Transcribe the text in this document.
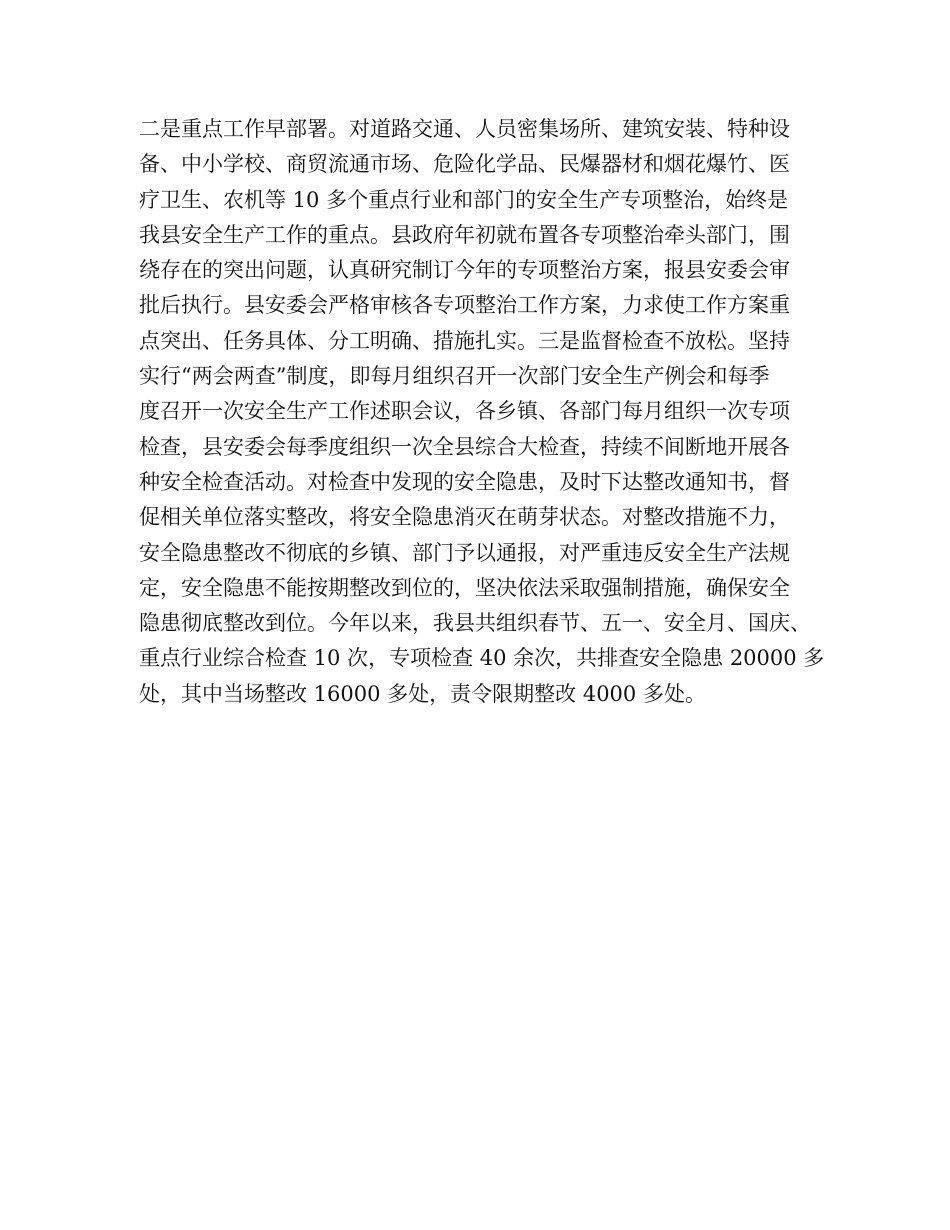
二是重点工作早部署。对道路交通、人员密集场所、建筑安装、特种设
备、中小学校、商贸流通市场、危险化学品、民爆器材和烟花爆竹、医
疗卫生、农机等 10 多个重点行业和部门的安全生产专项整治，始终是
我县安全生产工作的重点。县政府年初就布置各专项整治牵头部门，围
绕存在的突出问题，认真研究制订今年的专项整治方案，报县安委会审
批后执行。县安委会严格审核各专项整治工作方案，力求使工作方案重
点突出、任务具体、分工明确、措施扎实。三是监督检查不放松。坚持
实行“两会两查”制度，即每月组织召开一次部门安全生产例会和每季
度召开一次安全生产工作述职会议，各乡镇、各部门每月组织一次专项
检查，县安委会每季度组织一次全县综合大检查，持续不间断地开展各
种安全检查活动。对检查中发现的安全隐患，及时下达整改通知书，督
促相关单位落实整改，将安全隐患消灭在萌芽状态。对整改措施不力，
安全隐患整改不彻底的乡镇、部门予以通报，对严重违反安全生产法规
定，安全隐患不能按期整改到位的，坚决依法采取强制措施，确保安全
隐患彻底整改到位。今年以来，我县共组织春节、五一、安全月、国庆、
重点行业综合检查 10 次，专项检查 40 余次，共排查安全隐患 20000 多
处，其中当场整改 16000 多处，责令限期整改 4000 多处。
